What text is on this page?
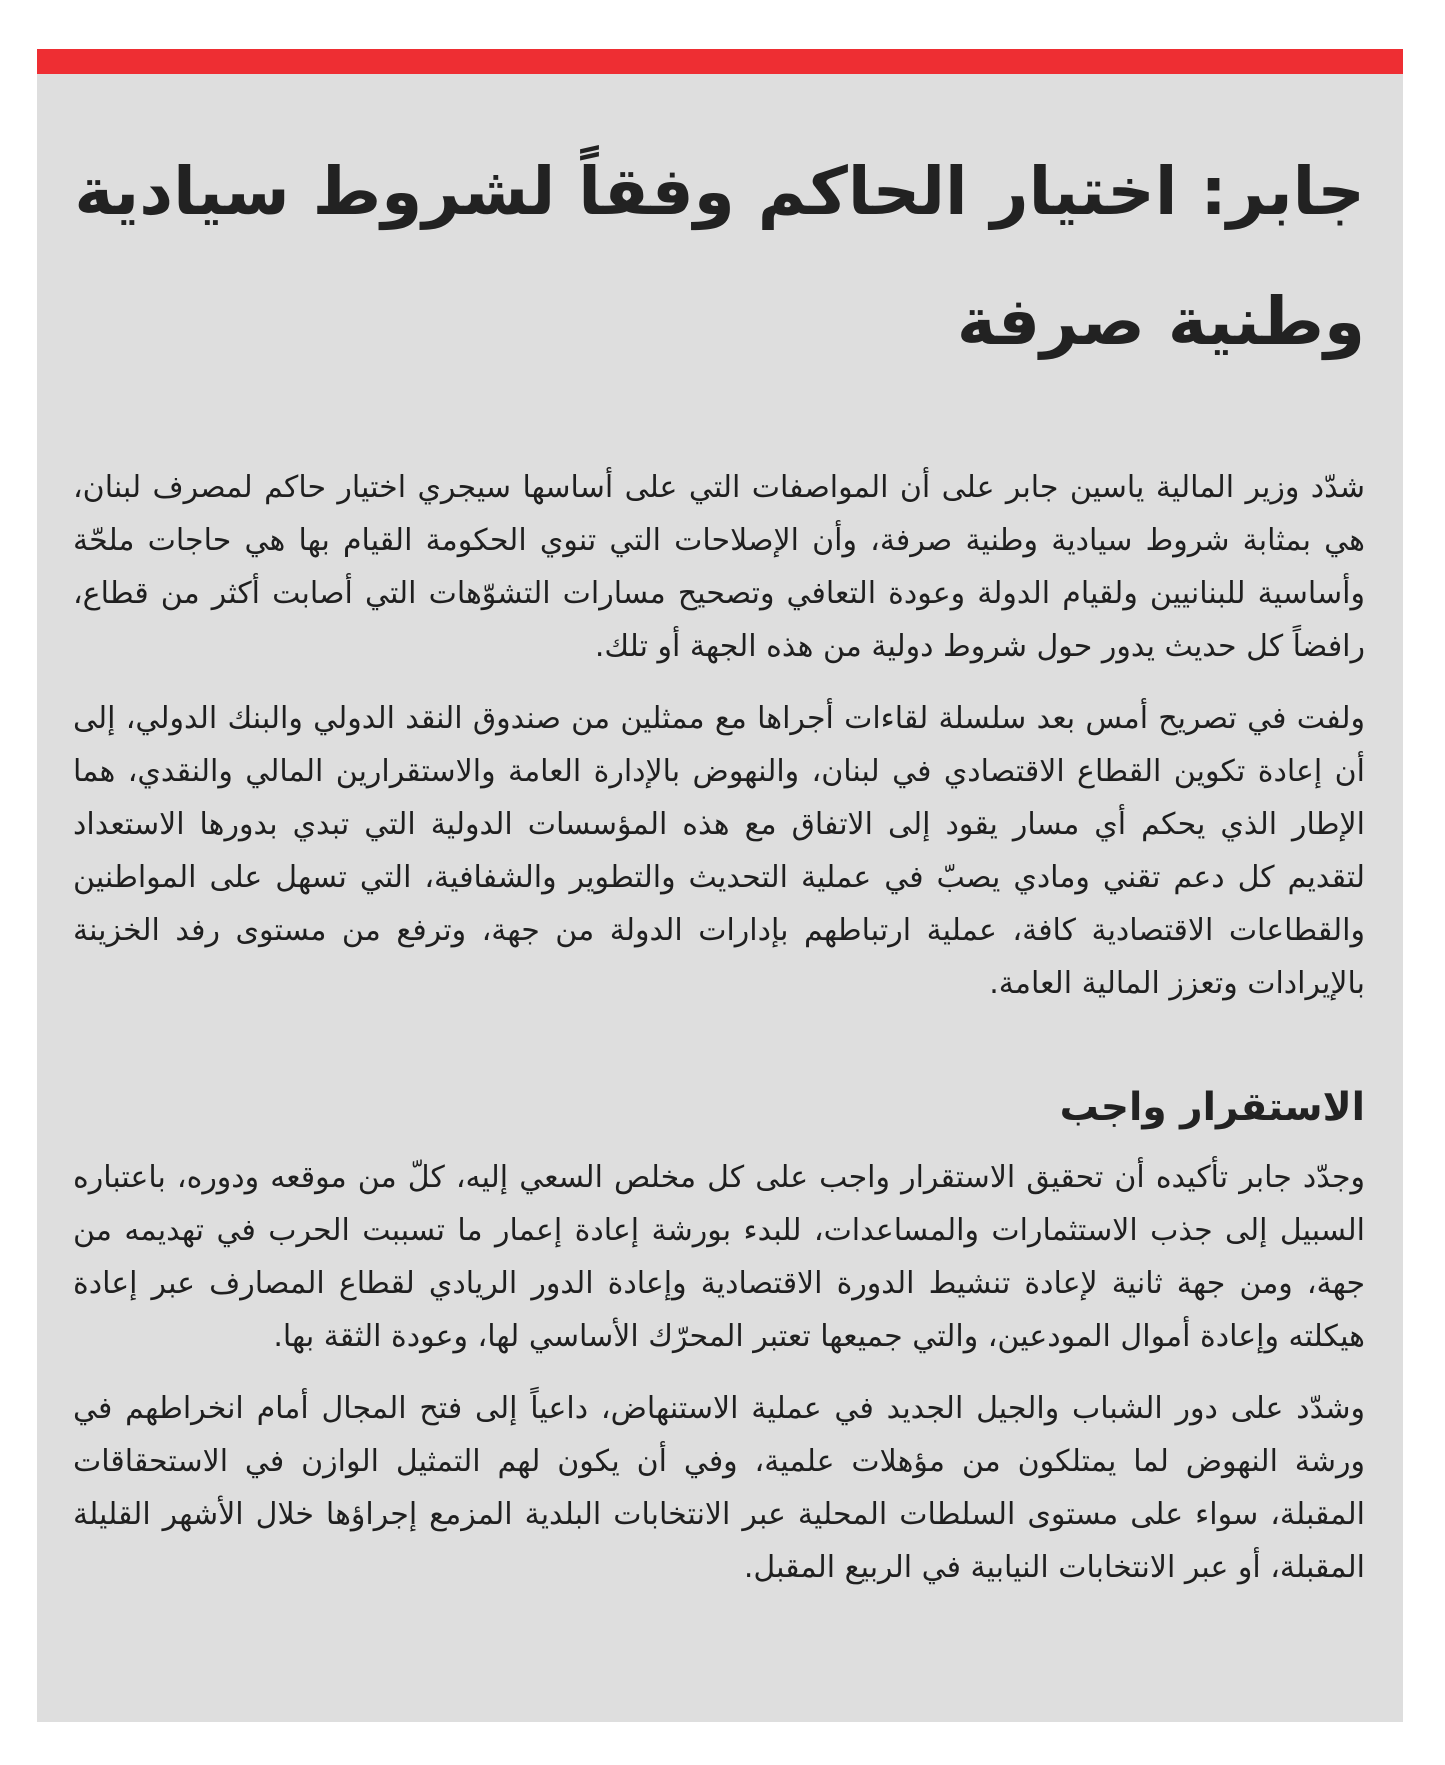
جابر: اختيار الحاكم وفقاً لشروط سيادية وطنية صرفة

شدّد وزير المالية ياسين جابر على أن المواصفات التي على أساسها سيجري اختيار حاكم لمصرف لبنان، هي بمثابة شروط سيادية وطنية صرفة، وأن الإصلاحات التي تنوي الحكومة القيام بها هي حاجات ملحّة وأساسية للبنانيين ولقيام الدولة وعودة التعافي وتصحيح مسارات التشوّهات التي أصابت أكثر من قطاع، رافضاً كل حديث يدور حول شروط دولية من هذه الجهة أو تلك.

ولفت في تصريح أمس بعد سلسلة لقاءات أجراها مع ممثلين من صندوق النقد الدولي والبنك الدولي، إلى أن إعادة تكوين القطاع الاقتصادي في لبنان، والنهوض بالإدارة العامة والاستقرارين المالي والنقدي، هما الإطار الذي يحكم أي مسار يقود إلى الاتفاق مع هذه المؤسسات الدولية التي تبدي بدورها الاستعداد لتقديم كل دعم تقني ومادي يصبّ في عملية التحديث والتطوير والشفافية، التي تسهل على المواطنين والقطاعات الاقتصادية كافة، عملية ارتباطهم بإدارات الدولة من جهة، وترفع من مستوى رفد الخزينة بالإيرادات وتعزز المالية العامة.

الاستقرار واجب

وجدّد جابر تأكيده أن تحقيق الاستقرار واجب على كل مخلص السعي إليه، كلّ من موقعه ودوره، باعتباره السبيل إلى جذب الاستثمارات والمساعدات، للبدء بورشة إعادة إعمار ما تسببت الحرب في تهديمه من جهة، ومن جهة ثانية لإعادة تنشيط الدورة الاقتصادية وإعادة الدور الريادي لقطاع المصارف عبر إعادة هيكلته وإعادة أموال المودعين، والتي جميعها تعتبر المحرّك الأساسي لها، وعودة الثقة بها.

وشدّد على دور الشباب والجيل الجديد في عملية الاستنهاض، داعياً إلى فتح المجال أمام انخراطهم في ورشة النهوض لما يمتلكون من مؤهلات علمية، وفي أن يكون لهم التمثيل الوازن في الاستحقاقات المقبلة، سواء على مستوى السلطات المحلية عبر الانتخابات البلدية المزمع إجراؤها خلال الأشهر القليلة المقبلة، أو عبر الانتخابات النيابية في الربيع المقبل.
